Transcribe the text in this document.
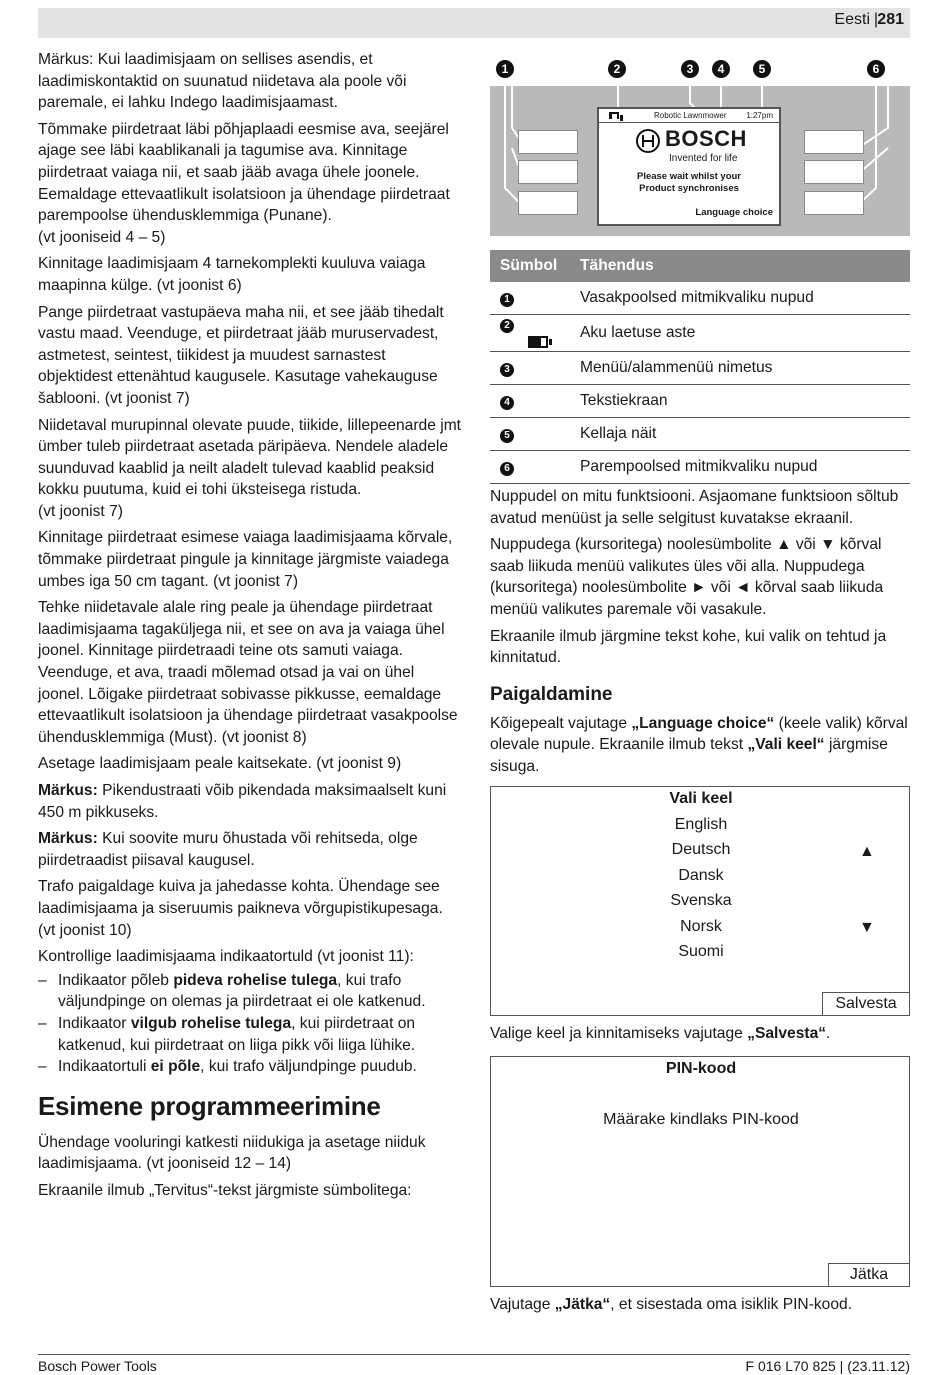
Eesti | 281

Märkus: Kui laadimisjaam on sellises asendis, et laadimiskontaktid on suunatud niidetava ala poole või paremale, ei lahku Indego laadimisjaamast.

Tõmmake piirdetraat läbi põhjaplaadi eesmise ava, seejärel ajage see läbi kaablikanali ja tagumise ava. Kinnitage piirdetraat vaiaga nii, et saab jääb avaga ühele joonele. Eemaldage ettevaatlikult isolatsioon ja ühendage piirdetraat parempoolse ühendusklemmiga (Punane).
(vt jooniseid 4 – 5)

Kinnitage laadimisjaam 4 tarnekomplekti kuuluva vaiaga maapinna külge. (vt joonist 6)

Pange piirdetraat vastupäeva maha nii, et see jääb tihedalt vastu maad. Veenduge, et piirdetraat jääb muruservadest, astmetest, seintest, tiikidest ja muudest sarnastest objektidest ettenähtud kaugusele. Kasutage vahekauguse šablooni. (vt joonist 7)

Niidetaval murupinnal olevate puude, tiikide, lillepeenarde jmt ümber tuleb piirdetraat asetada päripäeva. Nendele aladele suunduvad kaablid ja neilt aladelt tulevad kaablid peaksid kokku puutuma, kuid ei tohi üksteisega ristuda.
(vt joonist 7)

Kinnitage piirdetraat esimese vaiaga laadimisjaama kõrvale, tõmmake piirdetraat pingule ja kinnitage järgmiste vaiadega umbes iga 50 cm tagant. (vt joonist 7)

Tehke niidetavale alale ring peale ja ühendage piirdetraat laadimisjaama tagaküljega nii, et see on ava ja vaiaga ühel joonel. Kinnitage piirdetraadi teine ots samuti vaiaga. Veenduge, et ava, traadi mõlemad otsad ja vai on ühel joonel. Lõigake piirdetraat sobivasse pikkusse, eemaldage ettevaatlikult isolatsioon ja ühendage piirdetraat vasakpoolse ühendusklemmiga (Must). (vt joonist 8)

Asetage laadimisjaam peale kaitsekate. (vt joonist 9)

Märkus: Pikendustraati võib pikendada maksimaalselt kuni 450 m pikkuseks.

Märkus: Kui soovite muru õhustada või rehitseda, olge piirdetraadist piisaval kaugusel.

Trafo paigaldage kuiva ja jahedasse kohta. Ühendage see laadimisjaama ja siseruumis paikneva võrgupistikupesaga. (vt joonist 10)

Kontrollige laadimisjaama indikaatortuld (vt joonist 11):

– Indikaator põleb pideva rohelise tulega, kui trafo väljundpinge on olemas ja piirdetraat ei ole katkenud.
– Indikaator vilgub rohelise tulega, kui piirdetraat on katkenud, kui piirdetraat on liiga pikk või liiga lühike.
– Indikaatortuli ei põle, kui trafo väljundpinge puudub.
Esimene programmeerimine

Ühendage vooluringi katkesti niidukiga ja asetage niiduk laadimisjaama. (vt jooniseid 12 – 14)

Ekraanile ilmub „Tervitus“-tekst järgmiste sümbolitega:

1	2	3	4	5	6
Robotic Lawnmower 1:27pm
BOSCH
Invented for life
Please wait whilst your
Product synchronises
Language choice
Sümbol	Tähendus
1	Vasakpoolsed mitmikvaliku nupud
2	Aku laetuse aste
3	Menüü/alammenüü nimetus
4	Tekstiekraan
5	Kellaja näit
6	Parempoolsed mitmikvaliku nupud

Nuppudel on mitu funktsiooni. Asjaomane funktsioon sõltub avatud menüüst ja selle selgitust kuvatakse ekraanil.

Nuppudega (kursoritega) noolesümbolite ▲ või ▼ kõrval saab liikuda menüü valikutes üles või alla. Nuppudega (kursoritega) noolesümbolite ► või ◄ kõrval saab liikuda menüü valikutes paremale või vasakule.

Ekraanile ilmub järgmine tekst kohe, kui valik on tehtud ja kinnitatud.

Paigaldamine

Kõigepealt vajutage „Language choice“ (keele valik) kõrval olevale nupule. Ekraanile ilmub tekst „Vali keel“ järgmise sisuga.

Vali keel
English
Deutsch
Dansk
Svenska
Norsk
Suomi
▲
▼
Salvesta
Valige keel ja kinnitamiseks vajutage „Salvesta“.
PIN-kood
Määrake kindlaks PIN-kood
Jätka
Vajutage „Jätka“, et sisestada oma isiklik PIN-kood.
Bosch Power Tools	F 016 L70 825 | (23.11.12)
